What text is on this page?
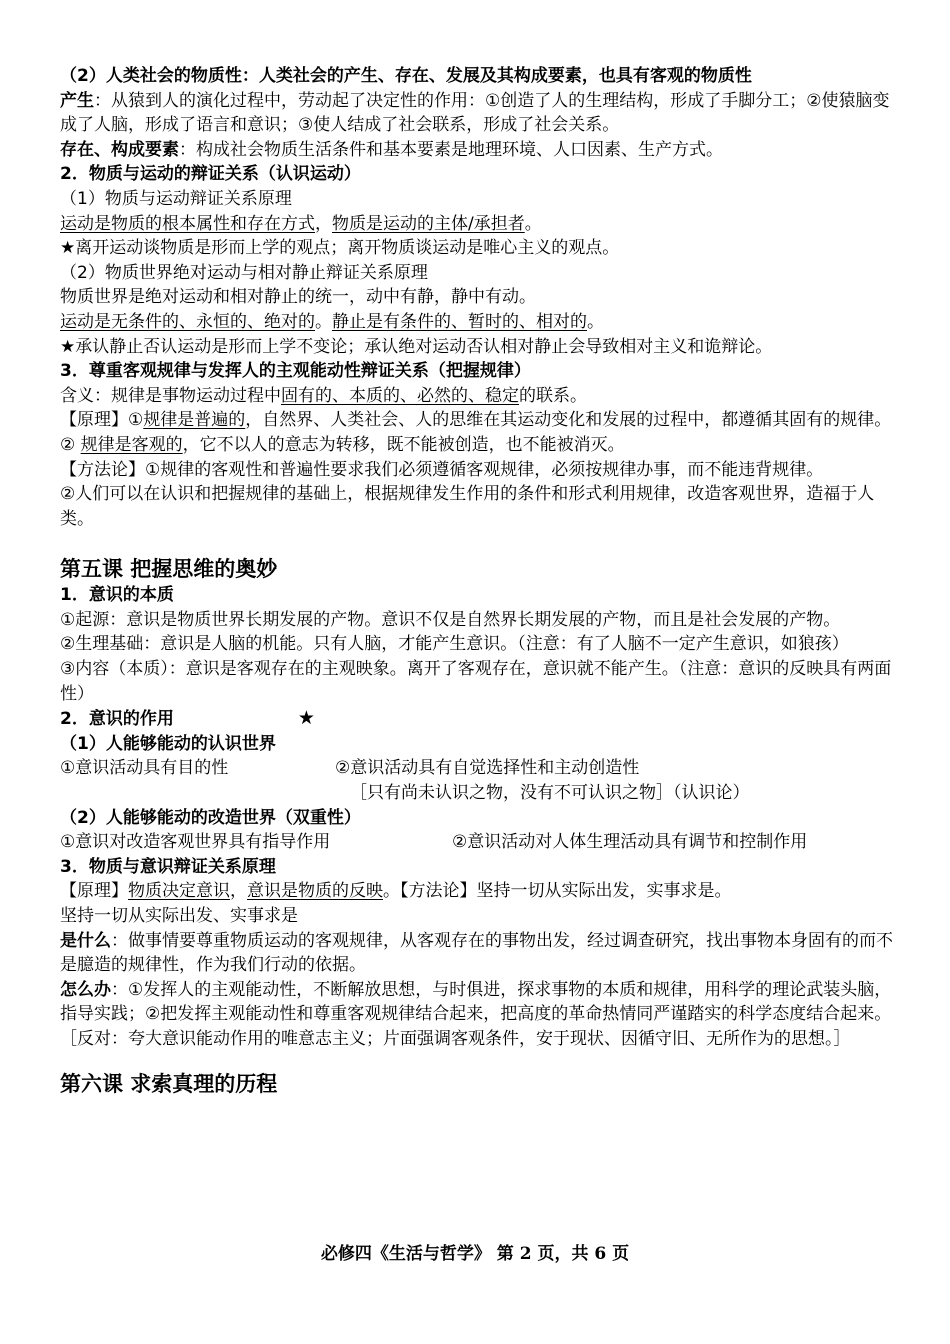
（2）人类社会的物质性：人类社会的产生、存在、发展及其构成要素，也具有客观的物质性

产生：从猿到人的演化过程中，劳动起了决定性的作用：①创造了人的生理结构，形成了手脚分工；②使猿脑变成了人脑，形成了语言和意识；③使人结成了社会联系，形成了社会关系。

存在、构成要素：构成社会物质生活条件和基本要素是地理环境、人口因素、生产方式。

2．物质与运动的辩证关系（认识运动）

（1）物质与运动辩证关系原理

运动是物质的根本属性和存在方式，物质是运动的主体/承担者。

★离开运动谈物质是形而上学的观点；离开物质谈运动是唯心主义的观点。

（2）物质世界绝对运动与相对静止辩证关系原理

物质世界是绝对运动和相对静止的统一，动中有静，静中有动。

运动是无条件的、永恒的、绝对的。静止是有条件的、暂时的、相对的。

★承认静止否认运动是形而上学不变论；承认绝对运动否认相对静止会导致相对主义和诡辩论。

3．尊重客观规律与发挥人的主观能动性辩证关系（把握规律）

含义：规律是事物运动过程中固有的、本质的、必然的、稳定的联系。

【原理】①规律是普遍的，自然界、人类社会、人的思维在其运动变化和发展的过程中，都遵循其固有的规律。

② 规律是客观的，它不以人的意志为转移，既不能被创造，也不能被消灭。

【方法论】①规律的客观性和普遍性要求我们必须遵循客观规律，必须按规律办事，而不能违背规律。

②人们可以在认识和把握规律的基础上，根据规律发生作用的条件和形式利用规律，改造客观世界，造福于人类。

第五课 把握思维的奥妙

1．意识的本质

①起源：意识是物质世界长期发展的产物。意识不仅是自然界长期发展的产物，而且是社会发展的产物。

②生理基础：意识是人脑的机能。只有人脑，才能产生意识。（注意：有了人脑不一定产生意识，如狼孩）

③内容（本质）：意识是客观存在的主观映象。离开了客观存在，意识就不能产生。（注意：意识的反映具有两面性）

2．意识的作用	★

（1）人能够能动的认识世界

①意识活动具有目的性	②意识活动具有自觉选择性和主动创造性

［只有尚未认识之物，没有不可认识之物］（认识论）

（2）人能够能动的改造世界（双重性）

①意识对改造客观世界具有指导作用	②意识活动对人体生理活动具有调节和控制作用

3．物质与意识辩证关系原理

【原理】物质决定意识，意识是物质的反映。【方法论】坚持一切从实际出发，实事求是。

坚持一切从实际出发、实事求是

是什么：做事情要尊重物质运动的客观规律，从客观存在的事物出发，经过调查研究，找出事物本身固有的而不是臆造的规律性，作为我们行动的依据。

怎么办：①发挥人的主观能动性，不断解放思想，与时俱进，探求事物的本质和规律，用科学的理论武装头脑，指导实践；②把发挥主观能动性和尊重客观规律结合起来，把高度的革命热情同严谨踏实的科学态度结合起来。

［反对：夸大意识能动作用的唯意志主义；片面强调客观条件，安于现状、因循守旧、无所作为的思想。］

第六课 求索真理的历程

必修四《生活与哲学》 第 2 页，共 6 页
